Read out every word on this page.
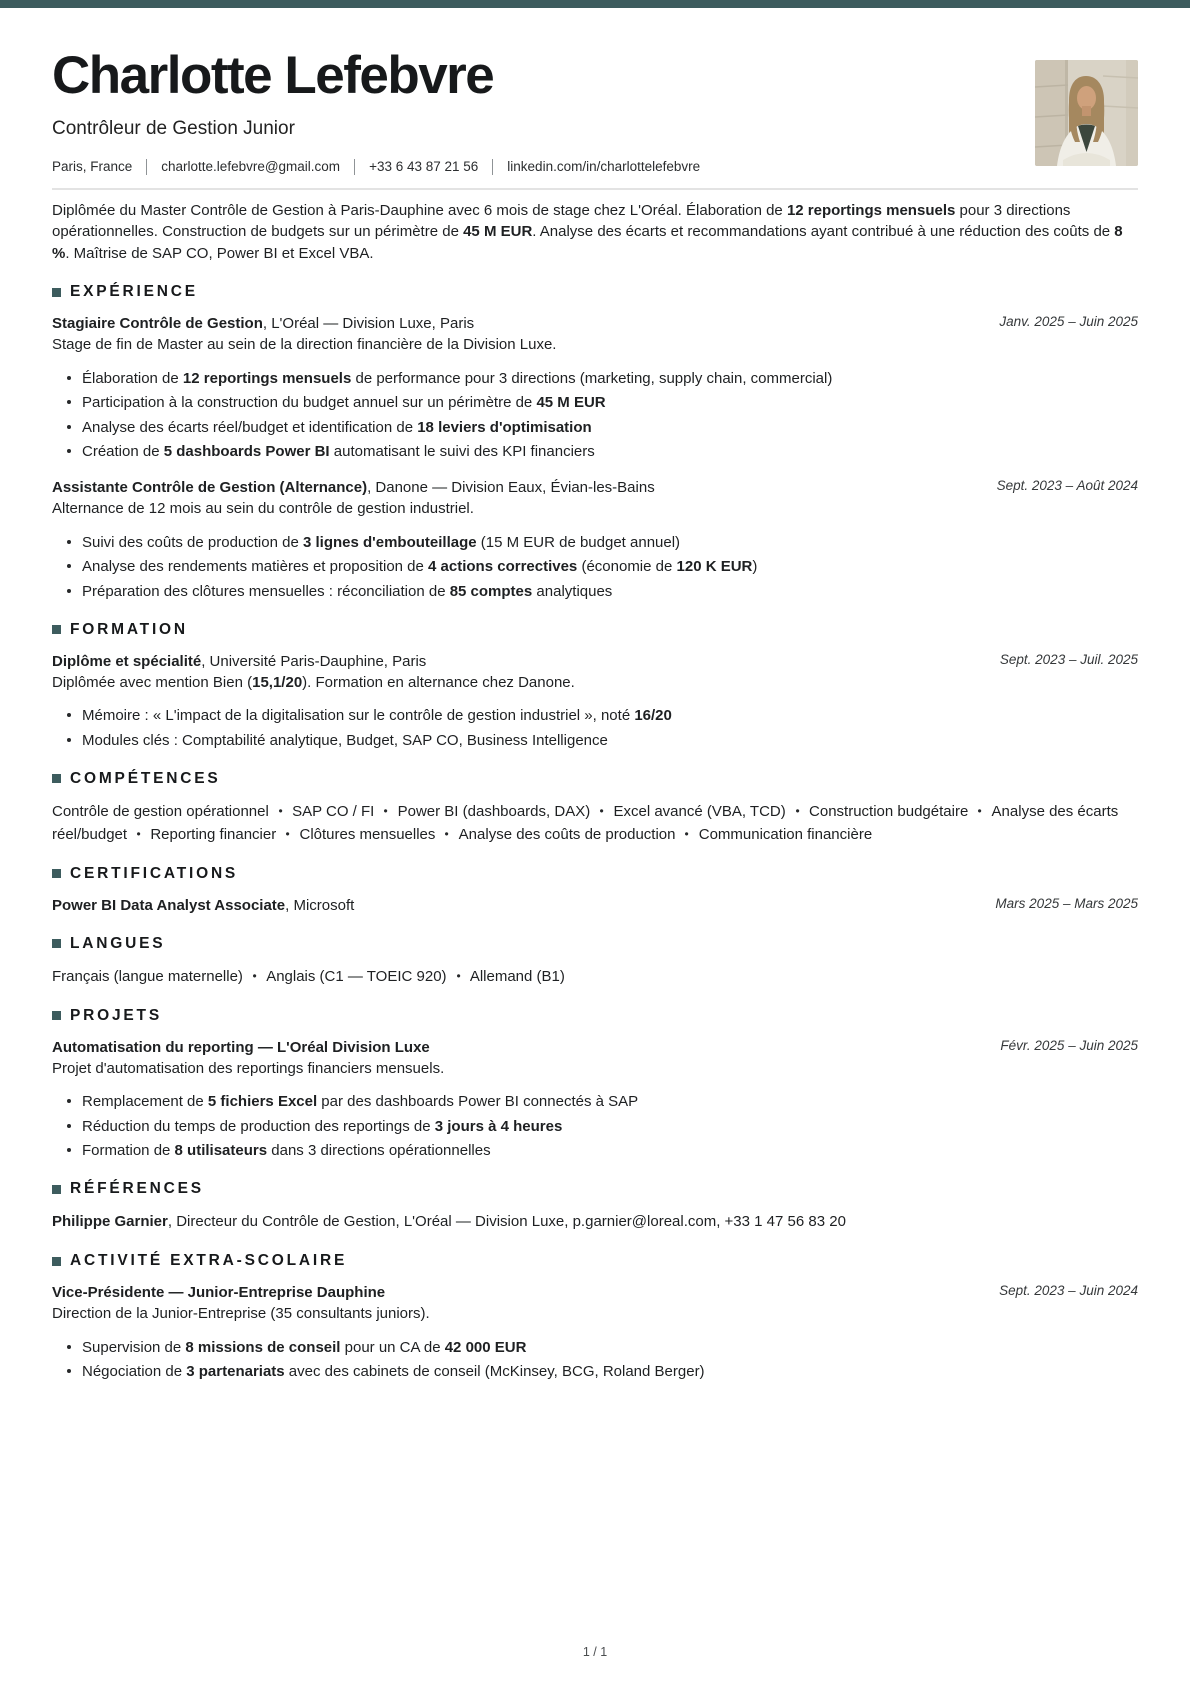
Charlotte Lefebvre
Contrôleur de Gestion Junior
Paris, France charlotte.lefebvre@gmail.com +33 6 43 87 21 56 linkedin.com/in/charlottelefebvre

Diplômée du Master Contrôle de Gestion à Paris-Dauphine avec 6 mois de stage chez L'Oréal. Élaboration de 12 reportings mensuels pour 3 directions opérationnelles. Construction de budgets sur un périmètre de 45 M EUR. Analyse des écarts et recommandations ayant contribué à une réduction des coûts de 8 %. Maîtrise de SAP CO, Power BI et Excel VBA.

EXPÉRIENCE
Stagiaire Contrôle de Gestion, L'Oréal — Division Luxe, Paris	Janv. 2025 – Juin 2025
Stage de fin de Master au sein de la direction financière de la Division Luxe.
Élaboration de 12 reportings mensuels de performance pour 3 directions (marketing, supply chain, commercial)
Participation à la construction du budget annuel sur un périmètre de 45 M EUR
Analyse des écarts réel/budget et identification de 18 leviers d'optimisation
Création de 5 dashboards Power BI automatisant le suivi des KPI financiers
Assistante Contrôle de Gestion (Alternance), Danone — Division Eaux, Évian-les-Bains	Sept. 2023 – Août 2024
Alternance de 12 mois au sein du contrôle de gestion industriel.
Suivi des coûts de production de 3 lignes d'embouteillage (15 M EUR de budget annuel)
Analyse des rendements matières et proposition de 4 actions correctives (économie de 120 K EUR)
Préparation des clôtures mensuelles : réconciliation de 85 comptes analytiques
FORMATION
Diplôme et spécialité, Université Paris-Dauphine, Paris	Sept. 2023 – Juil. 2025
Diplômée avec mention Bien (15,1/20). Formation en alternance chez Danone.
Mémoire : « L'impact de la digitalisation sur le contrôle de gestion industriel », noté 16/20
Modules clés : Comptabilité analytique, Budget, SAP CO, Business Intelligence
COMPÉTENCES

Contrôle de gestion opérationnel • SAP CO / FI • Power BI (dashboards, DAX) • Excel avancé (VBA, TCD) • Construction budgétaire • Analyse des écarts réel/budget • Reporting financier • Clôtures mensuelles • Analyse des coûts de production • Communication financière

CERTIFICATIONS
Power BI Data Analyst Associate, Microsoft	Mars 2025 – Mars 2025
LANGUES

Français (langue maternelle) • Anglais (C1 — TOEIC 920) • Allemand (B1)

PROJETS
Automatisation du reporting — L'Oréal Division Luxe	Févr. 2025 – Juin 2025
Projet d'automatisation des reportings financiers mensuels.
Remplacement de 5 fichiers Excel par des dashboards Power BI connectés à SAP
Réduction du temps de production des reportings de 3 jours à 4 heures
Formation de 8 utilisateurs dans 3 directions opérationnelles
RÉFÉRENCES

Philippe Garnier, Directeur du Contrôle de Gestion, L'Oréal — Division Luxe, p.garnier@loreal.com, +33 1 47 56 83 20

ACTIVITÉ EXTRA-SCOLAIRE
Vice-Présidente — Junior-Entreprise Dauphine	Sept. 2023 – Juin 2024
Direction de la Junior-Entreprise (35 consultants juniors).
Supervision de 8 missions de conseil pour un CA de 42 000 EUR
Négociation de 3 partenariats avec des cabinets de conseil (McKinsey, BCG, Roland Berger)
1 / 1
